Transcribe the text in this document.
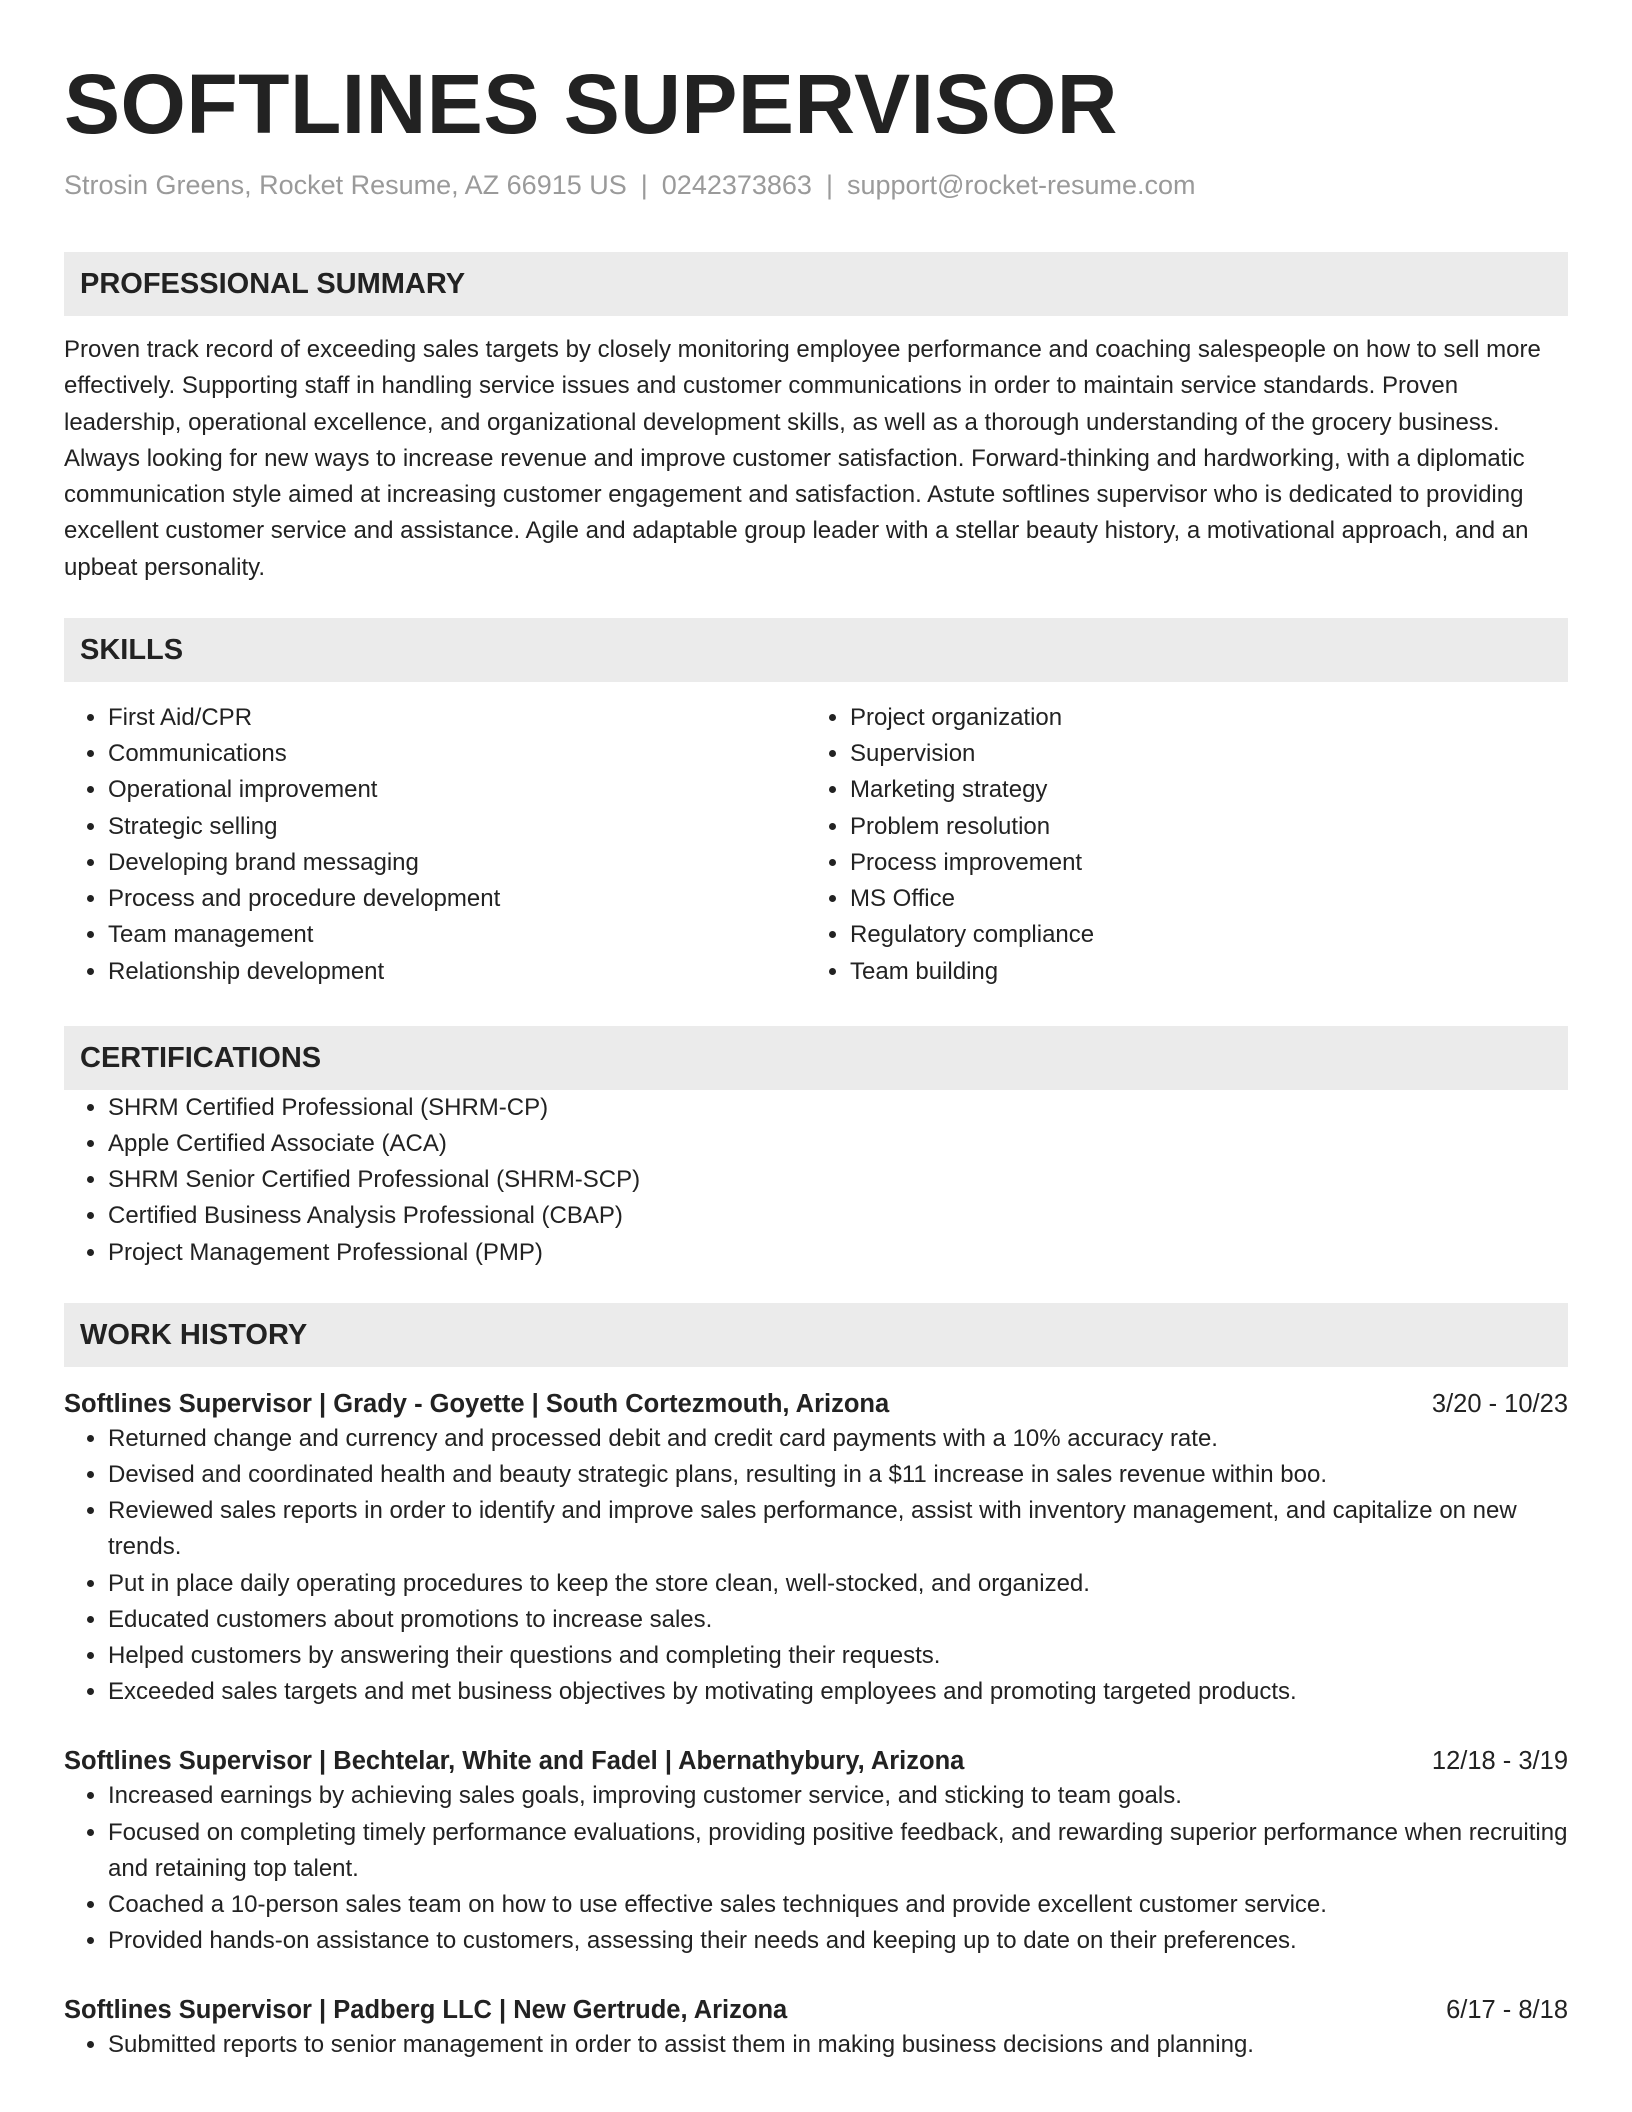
SOFTLINES SUPERVISOR
Strosin Greens, Rocket Resume, AZ 66915 US | 0242373863 | support@rocket-resume.com
PROFESSIONAL SUMMARY
Proven track record of exceeding sales targets by closely monitoring employee performance and coaching salespeople on how to sell more effectively. Supporting staff in handling service issues and customer communications in order to maintain service standards. Proven leadership, operational excellence, and organizational development skills, as well as a thorough understanding of the grocery business. Always looking for new ways to increase revenue and improve customer satisfaction. Forward-thinking and hardworking, with a diplomatic communication style aimed at increasing customer engagement and satisfaction. Astute softlines supervisor who is dedicated to providing excellent customer service and assistance. Agile and adaptable group leader with a stellar beauty history, a motivational approach, and an upbeat personality.
SKILLS
• First Aid/CPR
• Communications
• Operational improvement
• Strategic selling
• Developing brand messaging
• Process and procedure development
• Team management
• Relationship development
• Project organization
• Supervision
• Marketing strategy
• Problem resolution
• Process improvement
• MS Office
• Regulatory compliance
• Team building
CERTIFICATIONS
• SHRM Certified Professional (SHRM-CP)
• Apple Certified Associate (ACA)
• SHRM Senior Certified Professional (SHRM-SCP)
• Certified Business Analysis Professional (CBAP)
• Project Management Professional (PMP)
WORK HISTORY
Softlines Supervisor | Grady - Goyette | South Cortezmouth, Arizona	3/20 - 10/23
• Returned change and currency and processed debit and credit card payments with a 10% accuracy rate.
• Devised and coordinated health and beauty strategic plans, resulting in a $11 increase in sales revenue within boo.
• Reviewed sales reports in order to identify and improve sales performance, assist with inventory management, and capitalize on new trends.
• Put in place daily operating procedures to keep the store clean, well-stocked, and organized.
• Educated customers about promotions to increase sales.
• Helped customers by answering their questions and completing their requests.
• Exceeded sales targets and met business objectives by motivating employees and promoting targeted products.
Softlines Supervisor | Bechtelar, White and Fadel | Abernathybury, Arizona	12/18 - 3/19
• Increased earnings by achieving sales goals, improving customer service, and sticking to team goals.
• Focused on completing timely performance evaluations, providing positive feedback, and rewarding superior performance when recruiting and retaining top talent.
• Coached a 10-person sales team on how to use effective sales techniques and provide excellent customer service.
• Provided hands-on assistance to customers, assessing their needs and keeping up to date on their preferences.
Softlines Supervisor | Padberg LLC | New Gertrude, Arizona	6/17 - 8/18
• Submitted reports to senior management in order to assist them in making business decisions and planning.
